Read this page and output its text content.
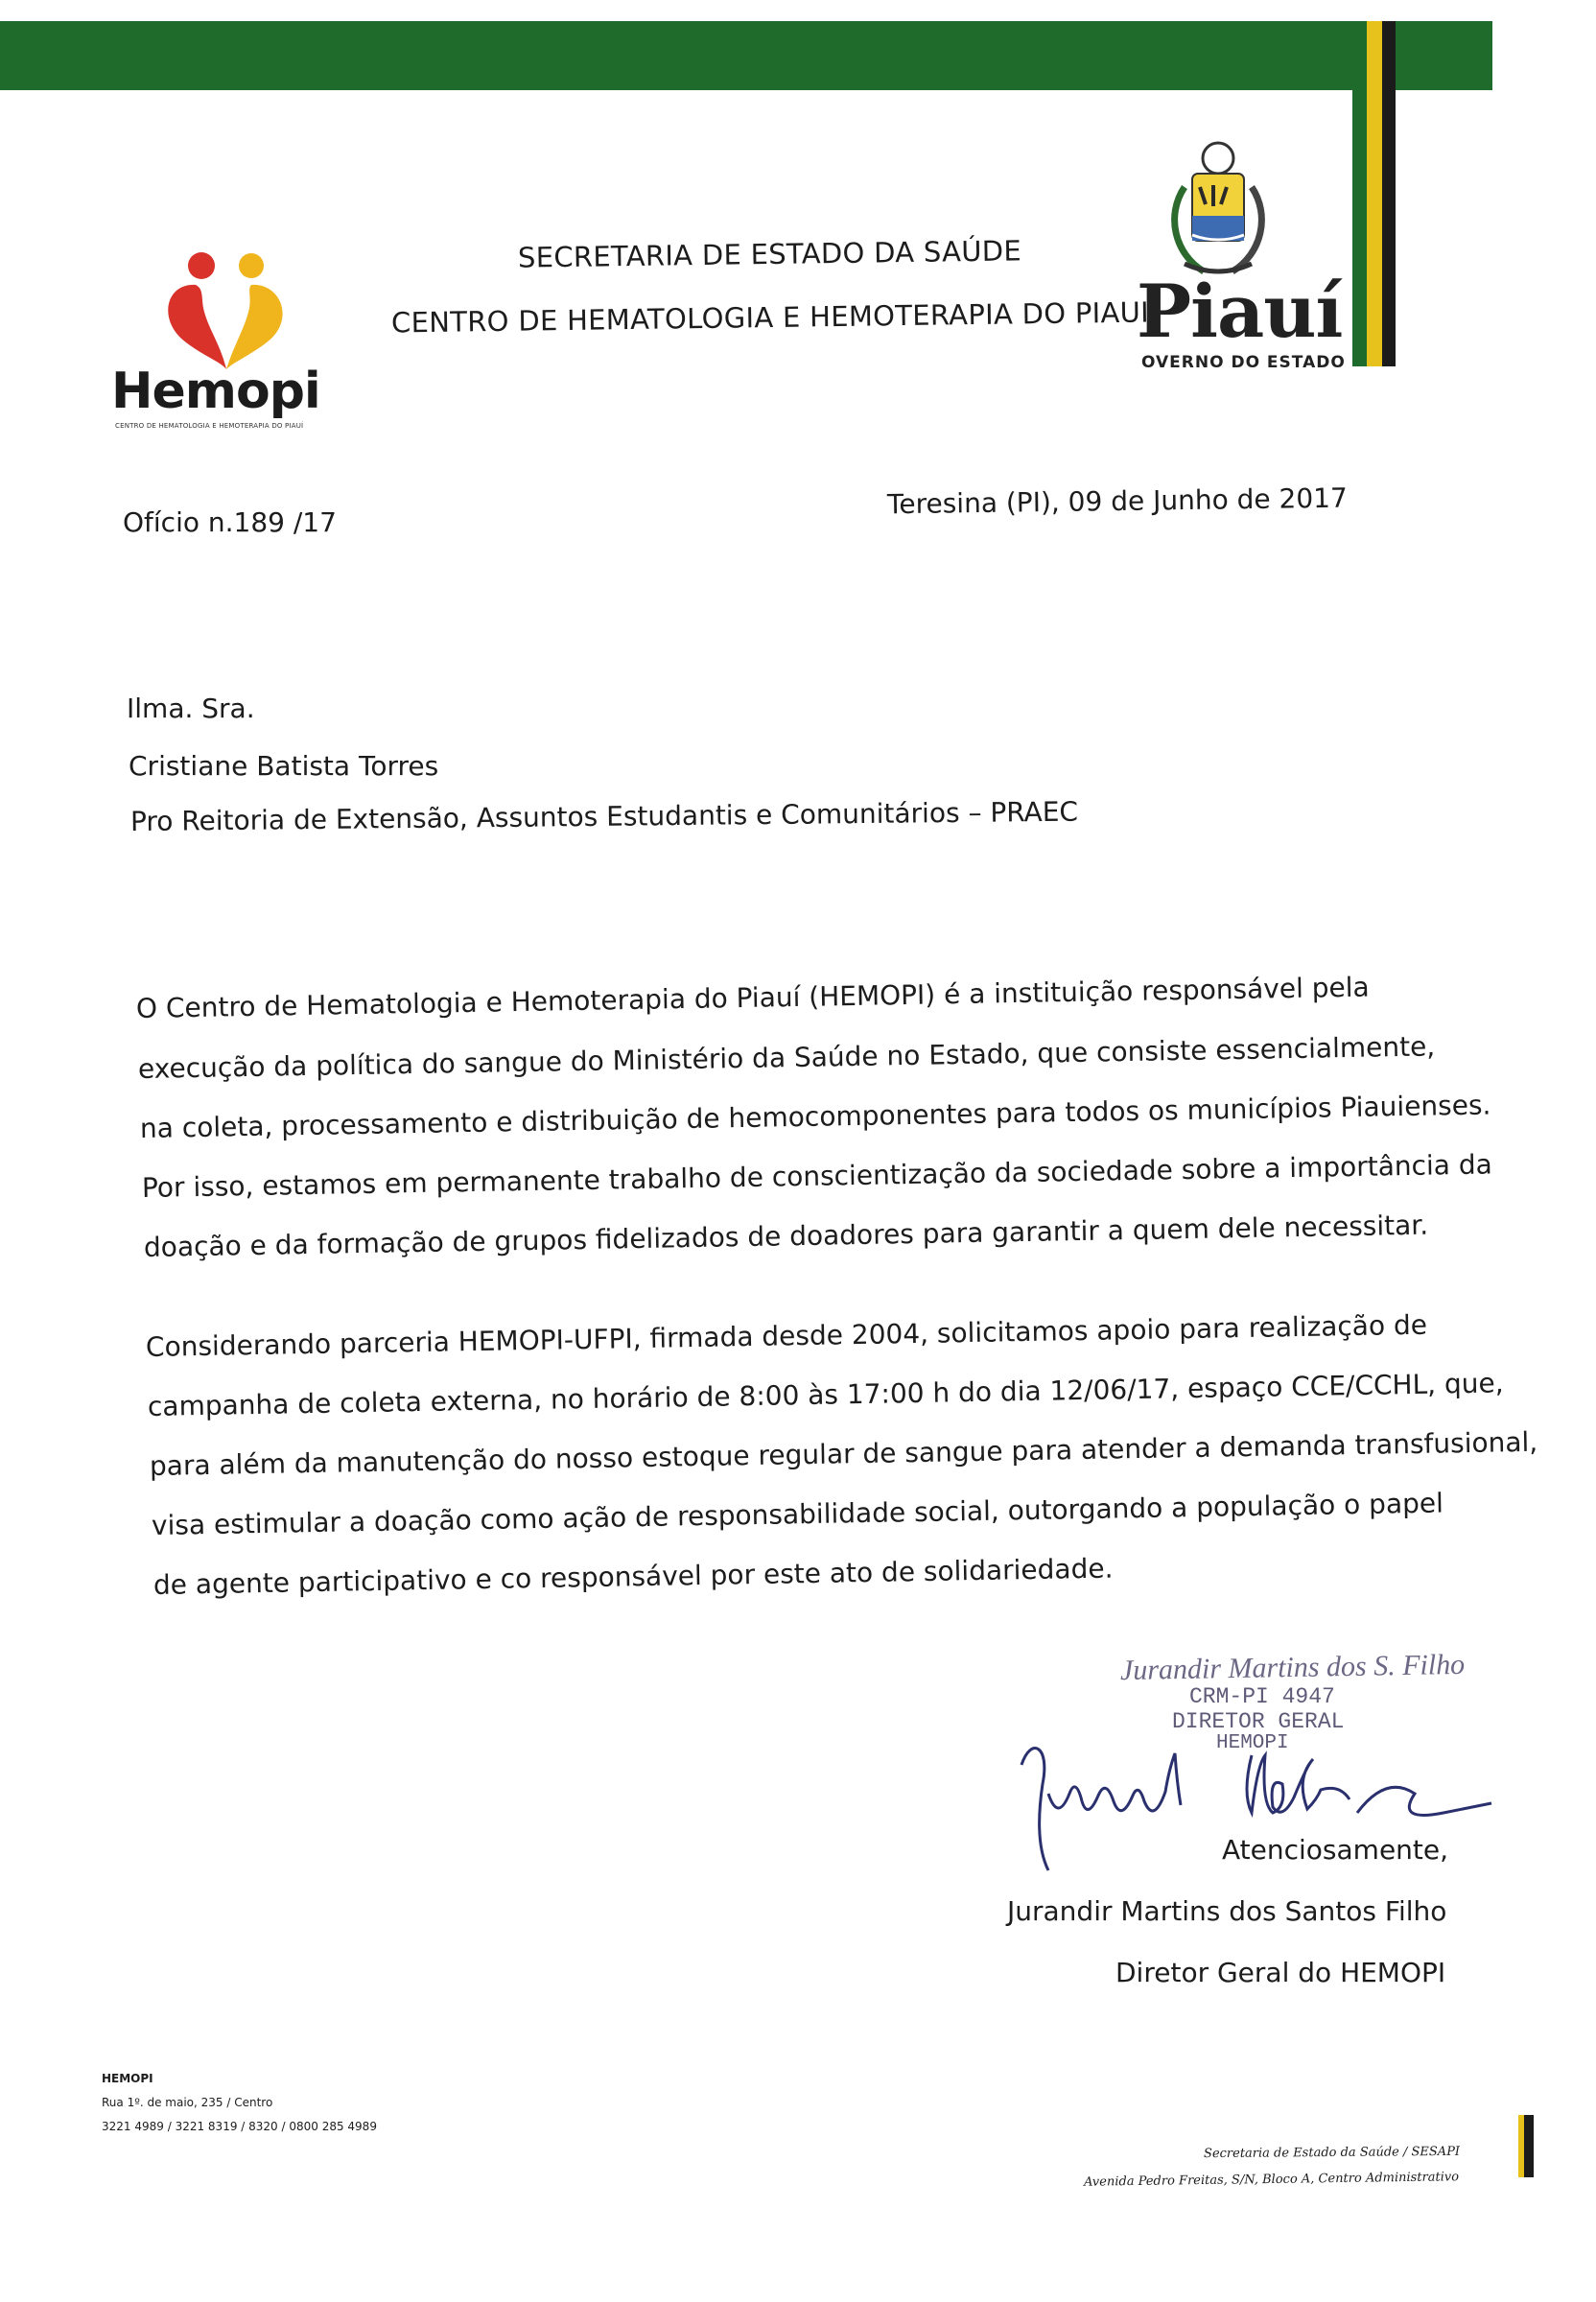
Hemopi
CENTRO DE HEMATOLOGIA E HEMOTERAPIA DO PIAUÍ
SECRETARIA DE ESTADO DA SAÚDE
CENTRO DE HEMATOLOGIA E HEMOTERAPIA DO PIAUI
Piauí
OVERNO DO ESTADO
Ofício n.189 /17
Teresina (PI), 09 de Junho de 2017
Ilma. Sra.
Cristiane Batista Torres
Pro Reitoria de Extensão, Assuntos Estudantis e Comunitários – PRAEC
O Centro de Hematologia e Hemoterapia do Piauí (HEMOPI) é a instituição responsável pela
execução da política do sangue do Ministério da Saúde no Estado, que consiste essencialmente,
na coleta, processamento e distribuição de hemocomponentes para todos os municípios Piauienses.
Por isso, estamos em permanente trabalho de conscientização da sociedade sobre a importância da
doação e da formação de grupos fidelizados de doadores para garantir a quem dele necessitar.
Considerando parceria HEMOPI-UFPI, firmada desde 2004, solicitamos apoio para realização de
campanha de coleta externa, no horário de 8:00 às 17:00 h do dia 12/06/17, espaço CCE/CCHL, que,
para além da manutenção do nosso estoque regular de sangue para atender a demanda transfusional,
visa estimular a doação como ação de responsabilidade social, outorgando a população o papel
de agente participativo e co responsável por este ato de solidariedade.
Jurandir Martins dos S. Filho
CRM-PI 4947
DIRETOR GERAL
HEMOPI
Atenciosamente,
Jurandir Martins dos Santos Filho
Diretor Geral do HEMOPI
HEMOPI
Rua 1º. de maio, 235 / Centro
3221 4989 / 3221 8319 / 8320 / 0800 285 4989
Secretaria de Estado da Saúde / SESAPI
Avenida Pedro Freitas, S/N, Bloco A, Centro Administrativo
